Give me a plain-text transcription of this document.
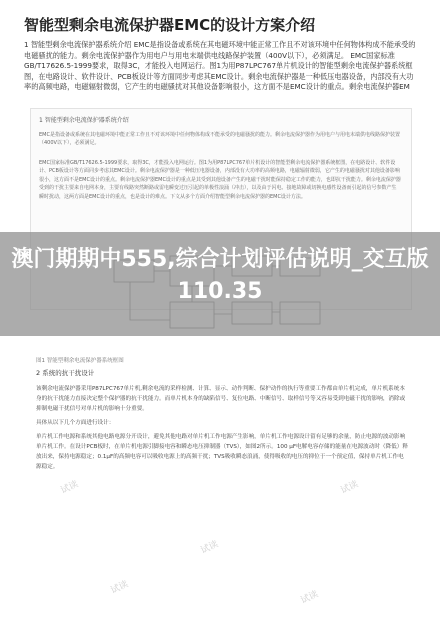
智能型剩余电流保护器EMC的设计方案介绍
1 智能型剩余电流保护器系统介绍 EMC是指设备或系统在其电磁环境中能正常工作且不对该环境中任何物体构成不能承受的电磁骚扰的能力。剩余电流保护器作为用电户与用电末端供电线路保护装置（400V以下），必须满足。 EMC国家标准GB/T17626.5-1999要求，取得3C，才能投入电网运行。图1为用P87LPC767单片机设计的智能型剩余电流保护器系统框图，在电路设计、软件设计、PCB板设计等方面同步考虑其EMC设计。剩余电流保护器是一种低压电器设备，内部没有大功率的高频电路，电磁辐射微弱，它产生的电磁骚扰对其他设备影响很小，这方面不是EMC设计的重点。剩余电流保护器EM
1 智能型剩余电流保护器系统介绍
EMC是指设备或系统在其电磁环境中能正常工作且不对该环境中任何物体构成不能承受的电磁骚扰的能力。剩余电流保护器作为用电户与用电末端供电线路保护装置（400V以下），必须满足。
EMC国家标准GB/T17626.5-1999要求，取得3C，才能投入电网运行。图1为用P87LPC767单片机设计的智能型剩余电流保护器系统框图，在电路设计、软件设计、PCB板设计等方面同步考虑其EMC设计。剩余电流保护器是一种低压电器设备，内部没有大功率的高频电路，电磁辐射微弱，它产生的电磁骚扰对其他设备影响很小，这方面不是EMC设计的重点。剩余电流保护器EMC设计的重点是其受到其他设备产生的电磁干扰时能保持稳定工作的能力，也即抗干扰能力。剩余电流保护器受到的干扰主要来自电网本身，主要有线路突然断路或雷电瞬变过压引起的单极性浪涌（冲击），以及由于闪电、接地故障或切换电感性设备而引起的信号参数产生瞬时扰动，这两方面是EMC设计的重点，也是设计的难点。下文从多个方面介绍智能型剩余电流保护器的EMC设计方法。
澳门期期中555,综合计划评估说明_交互版110.35
图1 智能型剩余电流保护器系统框图
2 系统的抗干扰设计
该剩余电流保护器采用P87LPC767单片机,剩余电流的采样检测、计算、显示、动作判断、保护动作的执行等重要工作都由单片机完成，单片机系统本身的抗干扰能力直接决定整个保护器的抗干扰能力。而单片机本身的缺陷信号、复位电路、中断信号、取样信号等又容易受到电磁干扰的影响，消除或抑制电磁干扰信号对单片机的影响十分重要。
具体从以下几个方面进行设计：
单片机工作电源和系统其他电路电源分开设计，避免其他电路对单片机工作电源产生影响，单片机工作电源设计留有足够的余量，防止电源的波动影响单片机工作。在设计PCB板时，在单片机电源引脚接电容和瞬态电压抑制器（TVS），如图2所示。100 μF电解电容存储的能量在电源波动时（降低）释放出来，保持电源稳定；0.1μF的高频电容可以吸收电源上的高频干扰；TVS吸收瞬态浪涌，使得吸收的电压的抑位于一个预定值，保持单片机工作电源稳定。
试读
试读
试读
试读
试读
